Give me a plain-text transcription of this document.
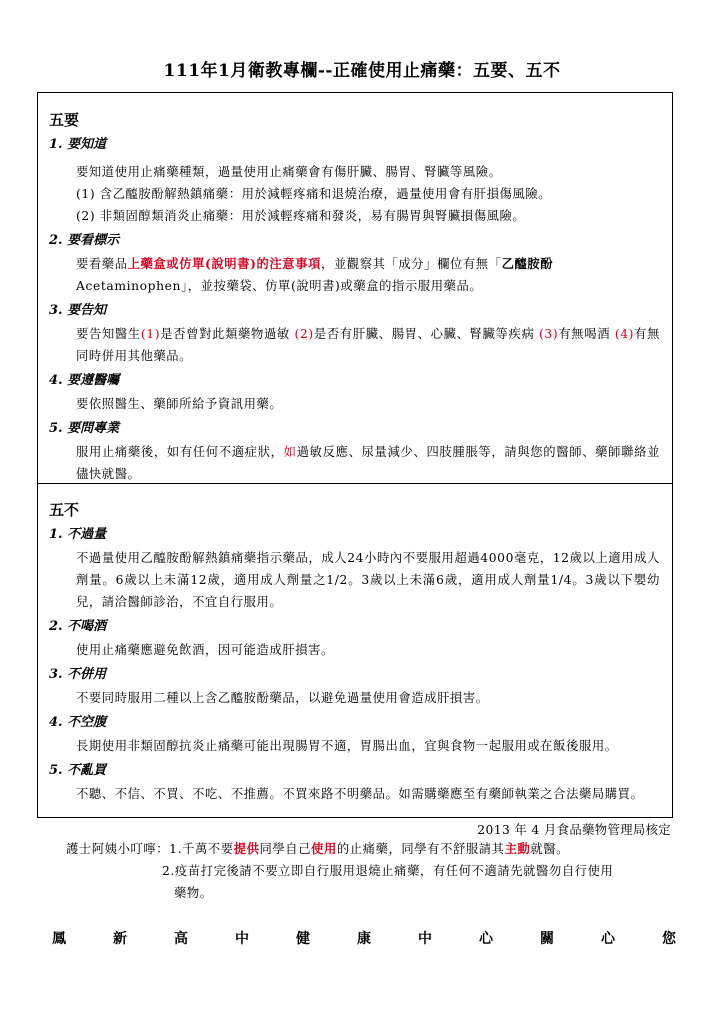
111年1月衛教專欄--正確使用止痛藥：五要、五不
五要
1. 要知道
要知道使用止痛藥種類，過量使用止痛藥會有傷肝臟、腸胃、腎臟等風險。
(1) 含乙醯胺酚解熱鎮痛藥：用於減輕疼痛和退燒治療，過量使用會有肝損傷風險。
(2) 非類固醇類消炎止痛藥：用於減輕疼痛和發炎，易有腸胃與腎臟損傷風險。
2. 要看標示
要看藥品上藥盒或仿單(說明書)的注意事項，並觀察其「成分」欄位有無「乙醯胺酚
Acetaminophen」，並按藥袋、仿單(說明書)或藥盒的指示服用藥品。
3. 要告知
要告知醫生(1)是否曾對此類藥物過敏 (2)是否有肝臟、腸胃、心臟、腎臟等疾病 (3)有無喝酒 (4)有無同時併用其他藥品。
4. 要遵醫囑
要依照醫生、藥師所給予資訊用藥。
5. 要問專業
服用止痛藥後，如有任何不適症狀，如過敏反應、尿量減少、四肢腫脹等，請與您的醫師、藥師聯絡並儘快就醫。
五不
1. 不過量
不過量使用乙醯胺酚解熱鎮痛藥指示藥品，成人24小時內不要服用超過4000毫克，12歲以上適用成人劑量。6歲以上未滿12歲，適用成人劑量之1/2。3歲以上未滿6歲，適用成人劑量1/4。3歲以下嬰幼兒，請洽醫師診治，不宜自行服用。
2. 不喝酒
使用止痛藥應避免飲酒，因可能造成肝損害。
3. 不併用
不要同時服用二種以上含乙醯胺酚藥品，以避免過量使用會造成肝損害。
4. 不空腹
長期使用非類固醇抗炎止痛藥可能出現腸胃不適，胃腸出血，宜與食物一起服用或在飯後服用。
5. 不亂買
不聽、不信、不買、不吃、不推薦。不買來路不明藥品。如需購藥應至有藥師執業之合法藥局購買。
2013 年 4 月食品藥物管理局核定
護士阿姨小叮嚀：1.千萬不要提供同學自己使用的止痛藥，同學有不舒服請其主動就醫。
2.疫苗打完後請不要立即自行服用退燒止痛藥，有任何不適請先就醫勿自行使用
藥物。
鳳	新	高	中	健	康	中	心	關	心	您
